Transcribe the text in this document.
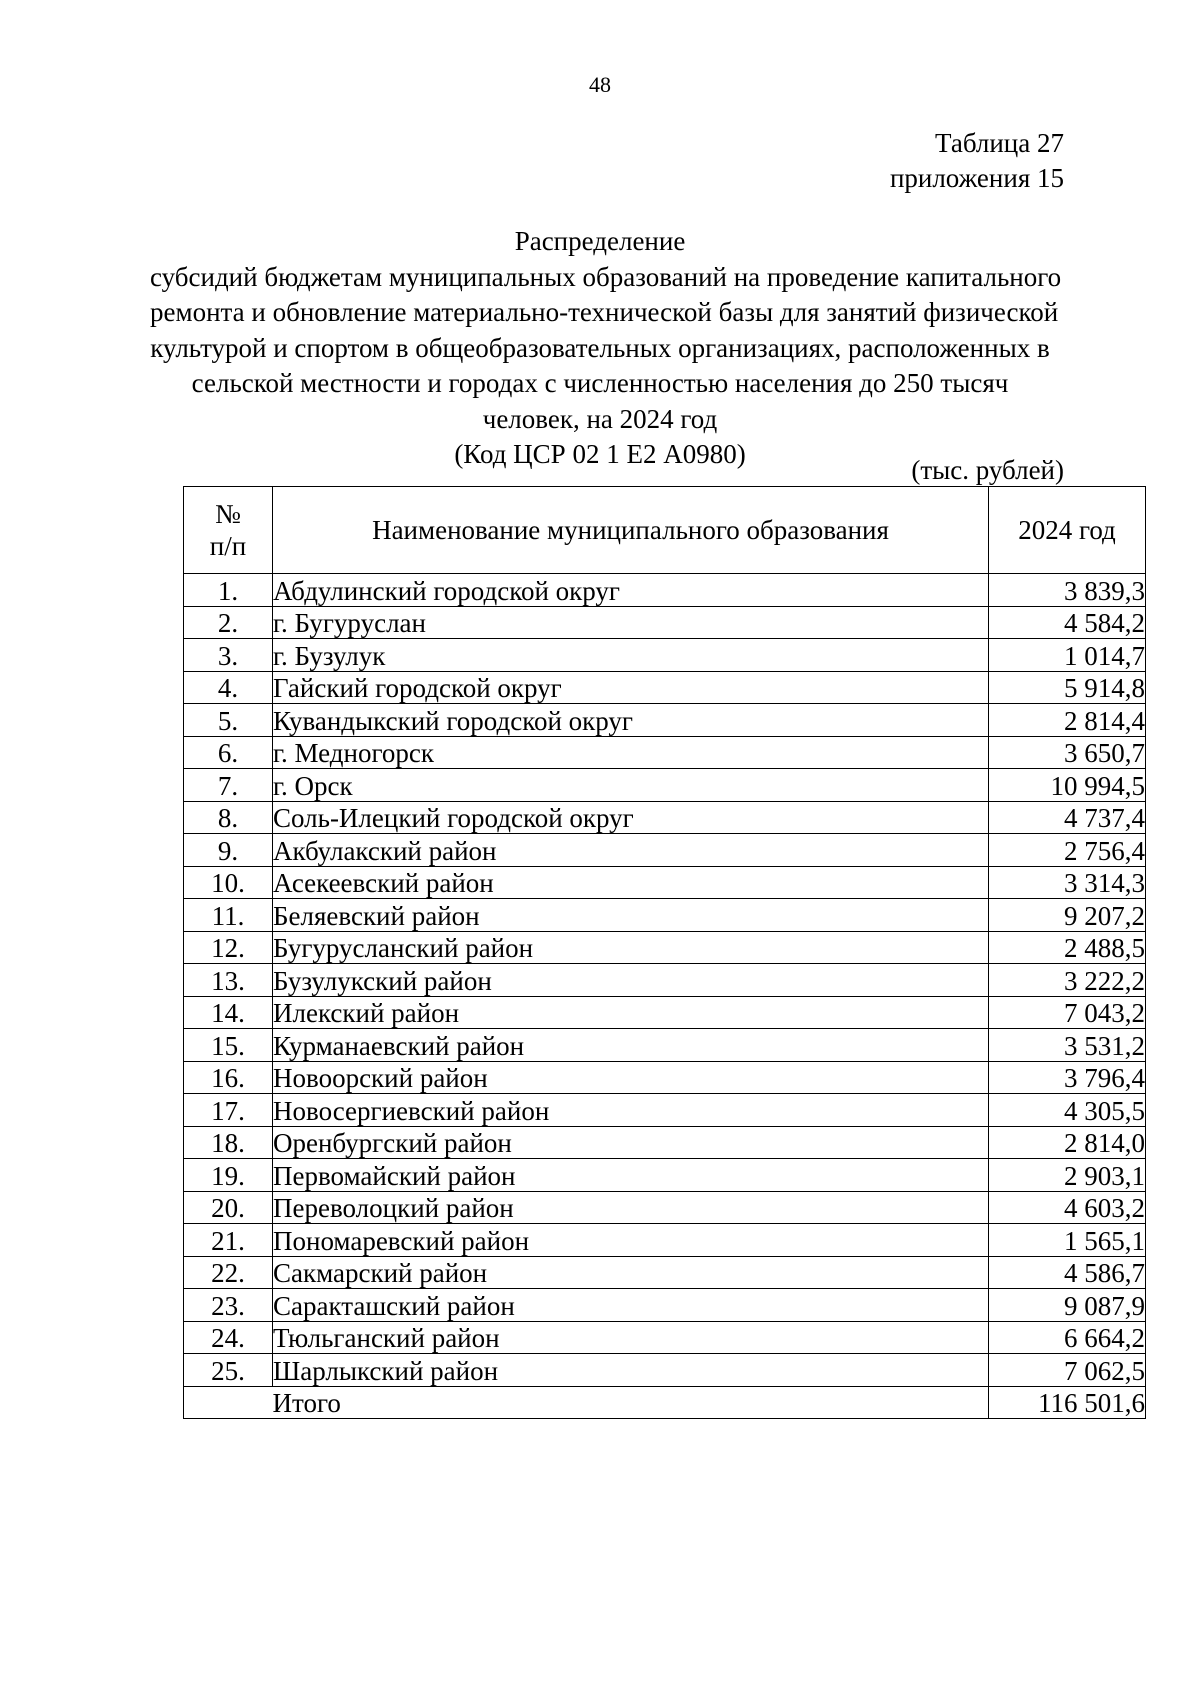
48
Таблица 27
приложения 15
Распределение
субсидий бюджетам муниципальных образований на проведение капитального
ремонта и обновление материально-технической базы для занятий физической
культурой и спортом в общеобразовательных организациях, расположенных в
сельской местности и городах с численностью населения до 250 тысяч
человек, на 2024 год
(Код ЦСР 02 1 Е2 А0980)
(тыс. рублей)
№
п/п	Наименование муниципального образования	2024 год
1.	Абдулинский городской округ	3 839,3
2.	г. Бугуруслан	4 584,2
3.	г. Бузулук	1 014,7
4.	Гайский городской округ	5 914,8
5.	Кувандыкский городской округ	2 814,4
6.	г. Медногорск	3 650,7
7.	г. Орск	10 994,5
8.	Соль-Илецкий городской округ	4 737,4
9.	Акбулакский район	2 756,4
10.	Асекеевский район	3 314,3
11.	Беляевский район	9 207,2
12.	Бугурусланский район	2 488,5
13.	Бузулукский район	3 222,2
14.	Илекский район	7 043,2
15.	Курманаевский район	3 531,2
16.	Новоорский район	3 796,4
17.	Новосергиевский район	4 305,5
18.	Оренбургский район	2 814,0
19.	Первомайский район	2 903,1
20.	Переволоцкий район	4 603,2
21.	Пономаревский район	1 565,1
22.	Сакмарский район	4 586,7
23.	Саракташский район	9 087,9
24.	Тюльганский район	6 664,2
25.	Шарлыкский район	7 062,5
	Итого	116 501,6
